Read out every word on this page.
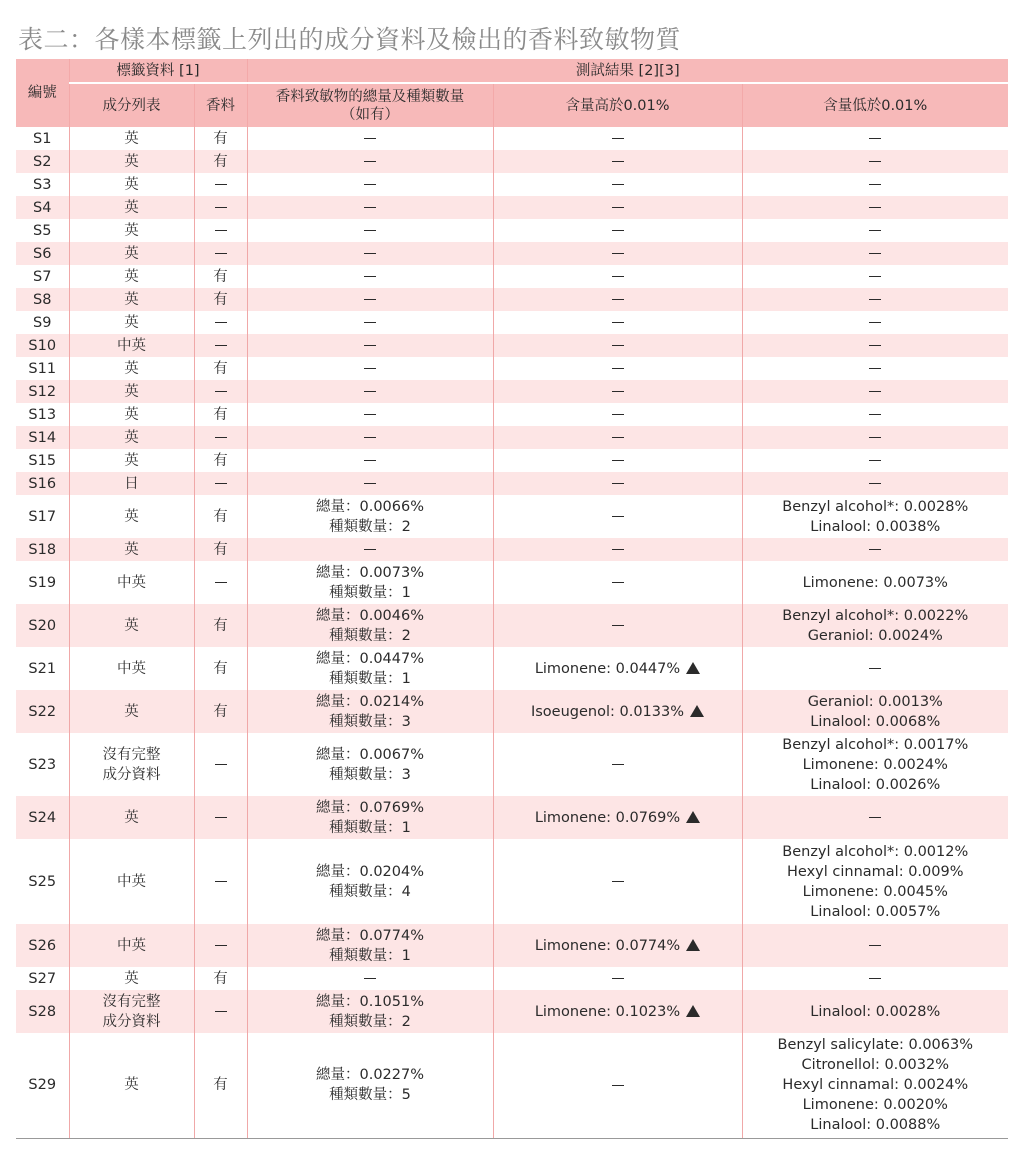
表二：各樣本標籤上列出的成分資料及檢出的香料致敏物質
編號	標籤資料 [1]		測試結果 [2][3]		
	成分列表	香料	香料致敏物的總量及種類數量
（如有）	含量高於0.01%	含量低於0.01%

S1	英	有			

S2	英	有			

S3	英				

S4	英				

S5	英				

S6	英				

S7	英	有			

S8	英	有			

S9	英				

S10	中英				

S11	英	有			

S12	英				

S13	英	有			

S14	英				

S15	英	有			

S16	日				

S17	英	有	總量：0.0066%
種類數量：2		Benzyl alcohol*: 0.0028%
Linalool: 0.0038%

S18	英	有			

S19	中英		總量：0.0073%
種類數量：1		Limonene: 0.0073%

S20	英	有	總量：0.0046%
種類數量：2		Benzyl alcohol*: 0.0022%
Geraniol: 0.0024%

S21	中英	有	總量：0.0447%
種類數量：1	Limonene: 0.0447%	

S22	英	有	總量：0.0214%
種類數量：3	Isoeugenol: 0.0133%	Geraniol: 0.0013%
Linalool: 0.0068%

S23	沒有完整
成分資料		總量：0.0067%
種類數量：3		Benzyl alcohol*: 0.0017%
Limonene: 0.0024%
Linalool: 0.0026%

S24	英		總量：0.0769%
種類數量：1	Limonene: 0.0769%	

S25	中英		總量：0.0204%
種類數量：4		Benzyl alcohol*: 0.0012%
Hexyl cinnamal: 0.009%
Limonene: 0.0045%
Linalool: 0.0057%

S26	中英		總量：0.0774%
種類數量：1	Limonene: 0.0774%	

S27	英	有			

S28	沒有完整
成分資料		總量：0.1051%
種類數量：2	Limonene: 0.1023%	Linalool: 0.0028%

S29	英	有	總量：0.0227%
種類數量：5		Benzyl salicylate: 0.0063%
Citronellol: 0.0032%
Hexyl cinnamal: 0.0024%
Limonene: 0.0020%
Linalool: 0.0088%
